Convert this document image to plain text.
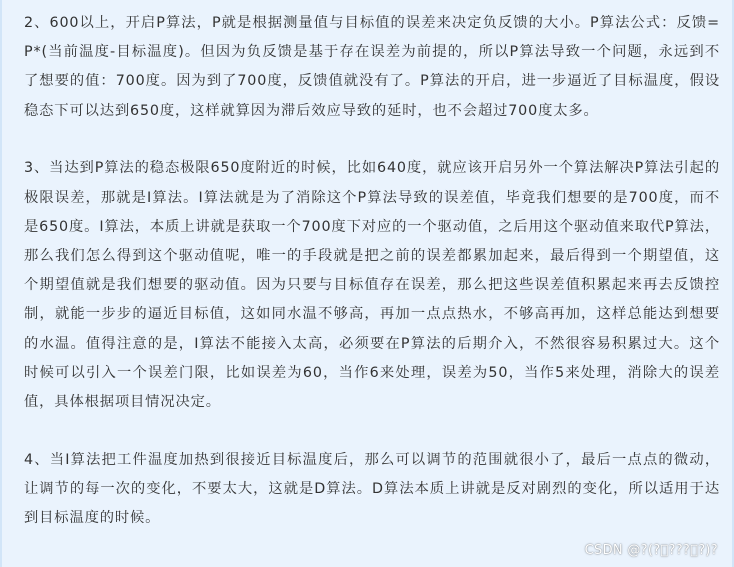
2、600以上，开启P算法，P就是根据测量值与目标值的误差来决定负反馈的大小。P算法公式：反馈=P*(当前温度-目标温度)。但因为负反馈是基于存在误差为前提的，所以P算法导致一个问题，永远到不了想要的值：700度。因为到了700度，反馈值就没有了。P算法的开启，进一步逼近了目标温度，假设稳态下可以达到650度，这样就算因为滞后效应导致的延时，也不会超过700度太多。

3、当达到P算法的稳态极限650度附近的时候，比如640度，就应该开启另外一个算法解决P算法引起的极限误差，那就是I算法。I算法就是为了消除这个P算法导致的误差值，毕竟我们想要的是700度，而不是650度。I算法，本质上讲就是获取一个700度下对应的一个驱动值，之后用这个驱动值来取代P算法，那么我们怎么得到这个驱动值呢，唯一的手段就是把之前的误差都累加起来，最后得到一个期望值，这个期望值就是我们想要的驱动值。因为只要与目标值存在误差，那么把这些误差值积累起来再去反馈控制，就能一步步的逼近目标值，这如同水温不够高，再加一点点热水，不够高再加，这样总能达到想要的水温。值得注意的是，I算法不能接入太高，必须要在P算法的后期介入，不然很容易积累过大。这个时候可以引入一个误差门限，比如误差为60，当作6来处理，误差为50，当作5来处理，消除大的误差值，具体根据项目情况决定。

4、当I算法把工件温度加热到很接近目标温度后，那么可以调节的范围就很小了，最后一点点的微动，让调节的每一次的变化，不要太大，这就是D算法。D算法本质上讲就是反对剧烈的变化，所以适用于达到目标温度的时候。

CSDN @?(? ??? ?)?
